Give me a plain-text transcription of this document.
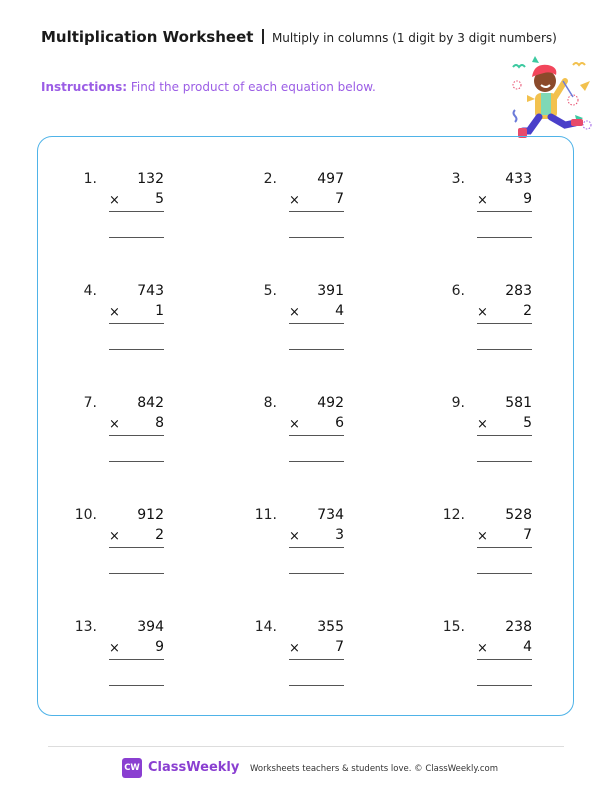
Multiplication Worksheet Multiply in columns (1 digit by 3 digit numbers)
Instructions: Find the product of each equation below.
1.	132
×	5
2.	497
×	7
3.	433
×	9
4.	743
×	1
5.	391
×	4
6.	283
×	2
7.	842
×	8
8.	492
×	6
9.	581
×	5
10.	912
×	2
11.	734
×	3
12.	528
×	7
13.	394
×	9
14.	355
×	7
15.	238
×	4
CW ClassWeekly Worksheets teachers & students love. © ClassWeekly.com
